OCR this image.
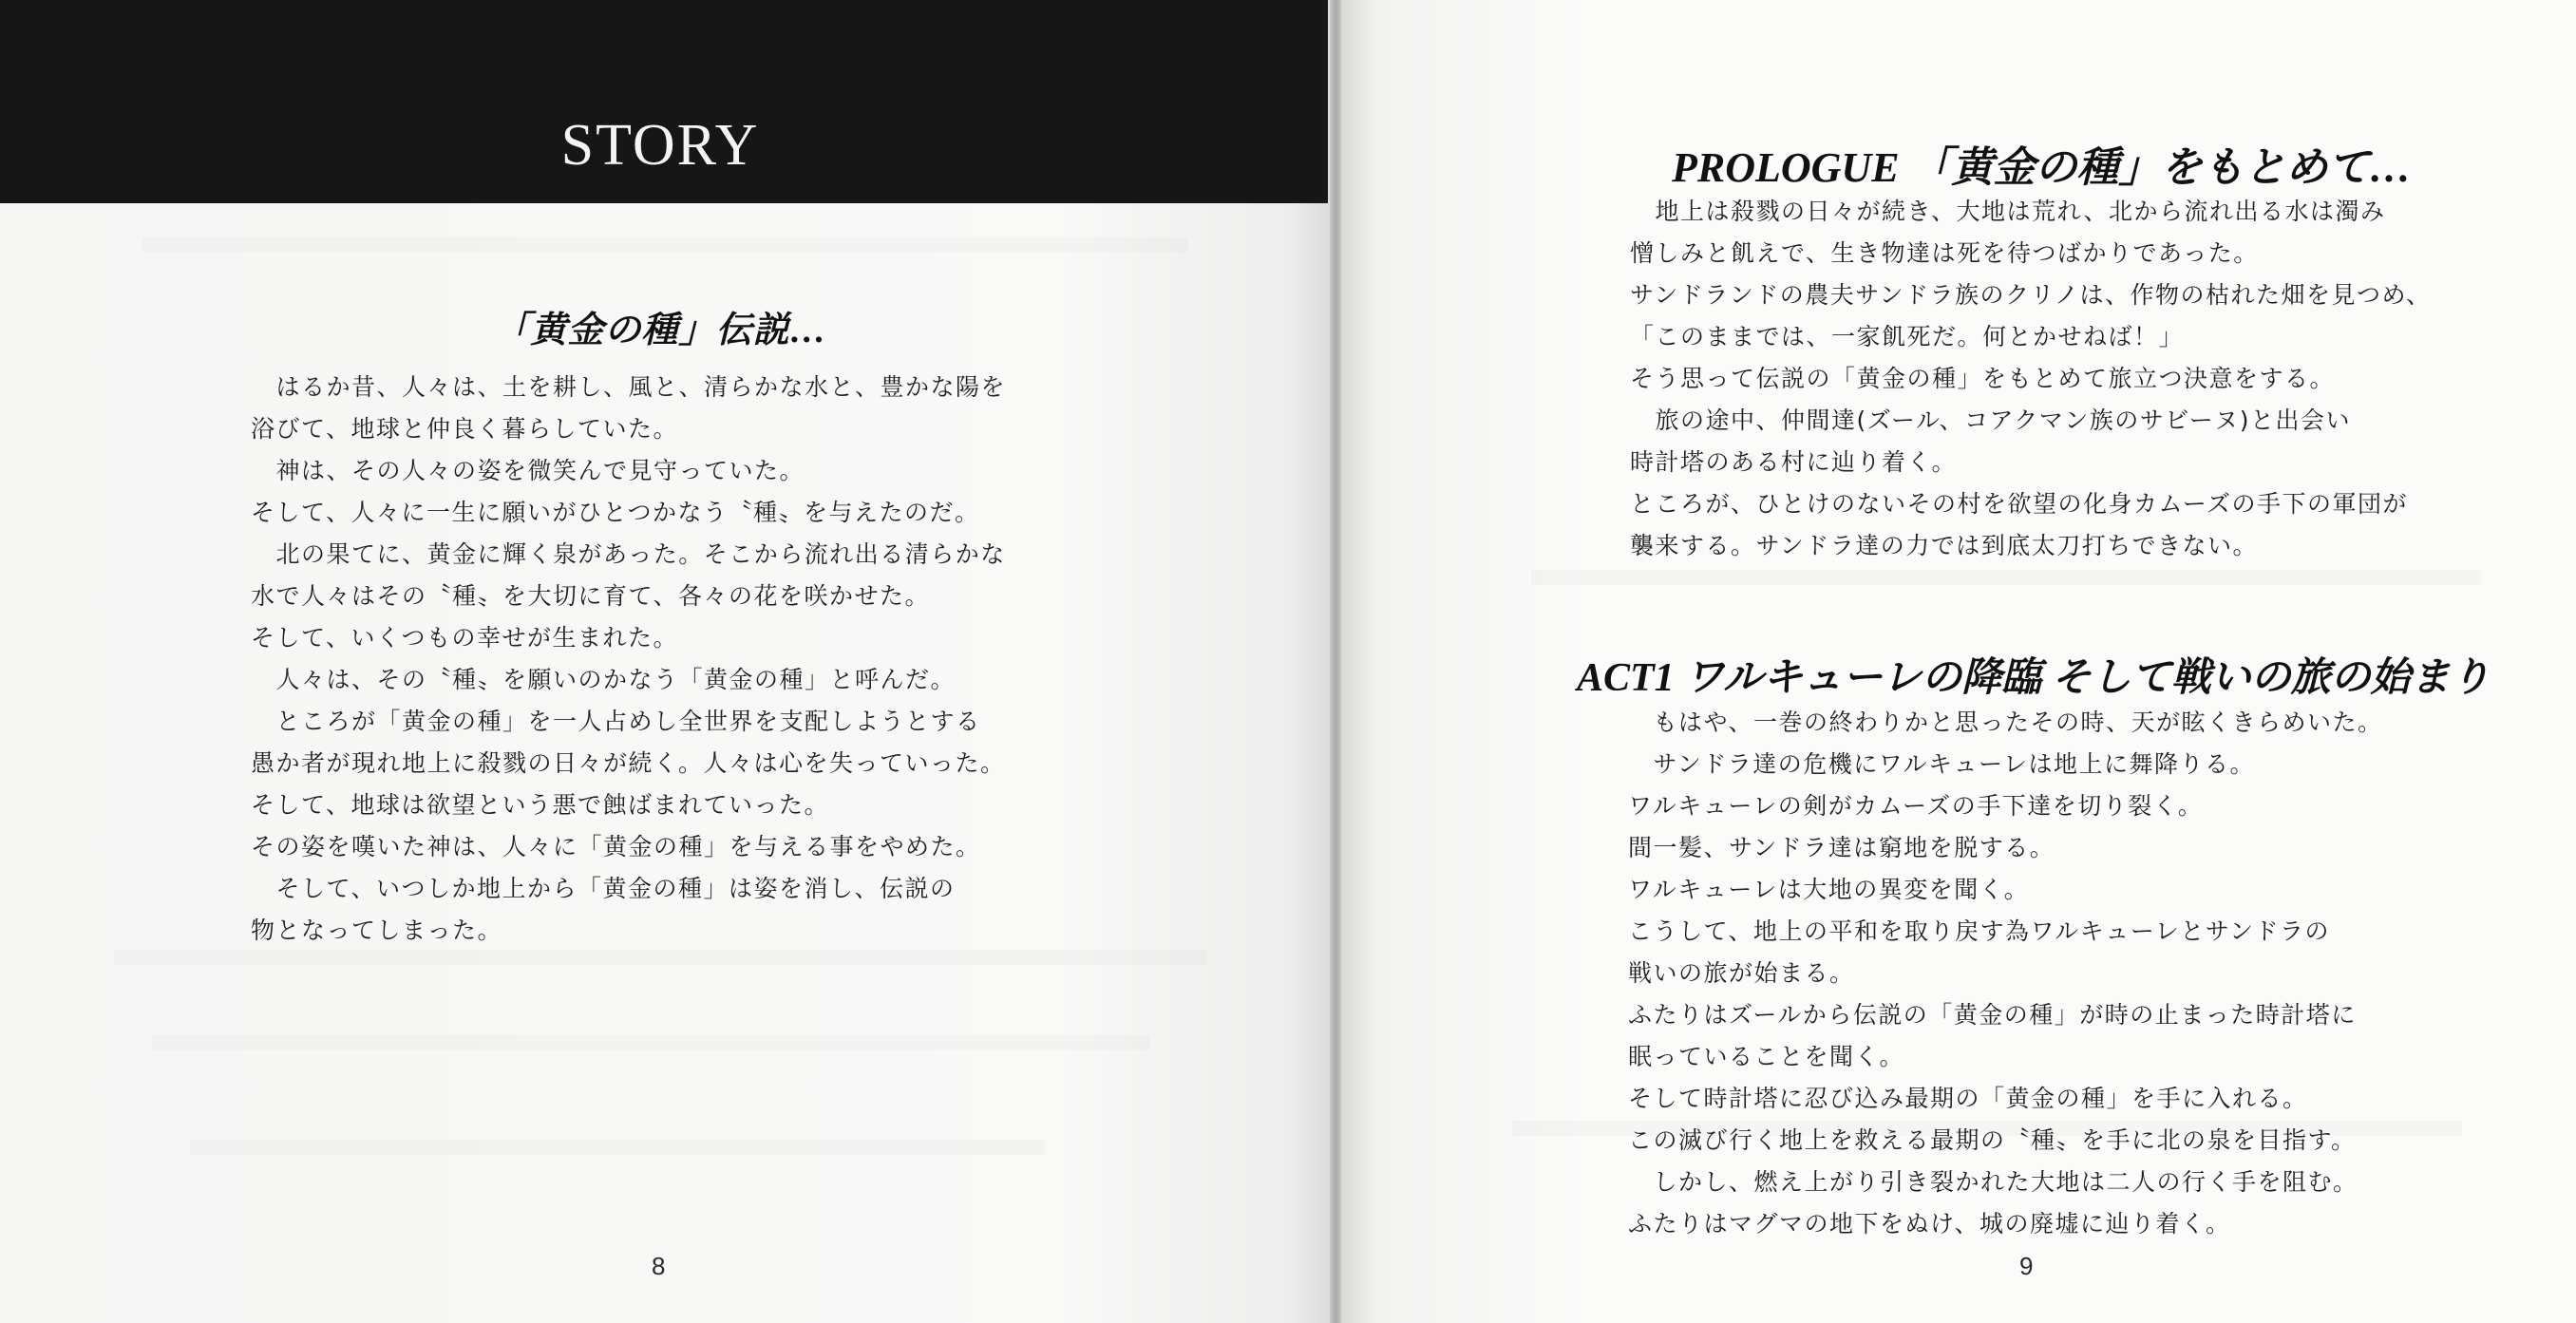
STORY
「黄金の種」伝説…
　はるか昔、人々は、土を耕し、風と、清らかな水と、豊かな陽を
浴びて、地球と仲良く暮らしていた。
　神は、その人々の姿を微笑んで見守っていた。
そして、人々に一生に願いがひとつかなう〝種〟を与えたのだ。
　北の果てに、黄金に輝く泉があった。そこから流れ出る清らかな
水で人々はその〝種〟を大切に育て、各々の花を咲かせた。
そして、いくつもの幸せが生まれた。
　人々は、その〝種〟を願いのかなう「黄金の種」と呼んだ。
　ところが「黄金の種」を一人占めし全世界を支配しようとする
愚か者が現れ地上に殺戮の日々が続く。人々は心を失っていった。
そして、地球は欲望という悪で蝕ばまれていった。
その姿を嘆いた神は、人々に「黄金の種」を与える事をやめた。
　そして、いつしか地上から「黄金の種」は姿を消し、伝説の
物となってしまった。
8
PROLOGUE 「黄金の種」をもとめて…
　地上は殺戮の日々が続き、大地は荒れ、北から流れ出る水は濁み
憎しみと飢えで、生き物達は死を待つばかりであった。
サンドランドの農夫サンドラ族のクリノは、作物の枯れた畑を見つめ、
「このままでは、一家飢死だ。何とかせねば！」
そう思って伝説の「黄金の種」をもとめて旅立つ決意をする。
　旅の途中、仲間達(ズール、コアクマン族のサビーヌ)と出会い
時計塔のある村に辿り着く。
ところが、ひとけのないその村を欲望の化身カムーズの手下の軍団が
襲来する。サンドラ達の力では到底太刀打ちできない。
ACT1 ワルキューレの降臨 そして戦いの旅の始まり
　もはや、一巻の終わりかと思ったその時、天が眩くきらめいた。
　サンドラ達の危機にワルキューレは地上に舞降りる。
ワルキューレの剣がカムーズの手下達を切り裂く。
間一髪、サンドラ達は窮地を脱する。
ワルキューレは大地の異変を聞く。
こうして、地上の平和を取り戻す為ワルキューレとサンドラの
戦いの旅が始まる。
ふたりはズールから伝説の「黄金の種」が時の止まった時計塔に
眠っていることを聞く。
そして時計塔に忍び込み最期の「黄金の種」を手に入れる。
この滅び行く地上を救える最期の〝種〟を手に北の泉を目指す。
　しかし、燃え上がり引き裂かれた大地は二人の行く手を阻む。
ふたりはマグマの地下をぬけ、城の廃墟に辿り着く。
9
